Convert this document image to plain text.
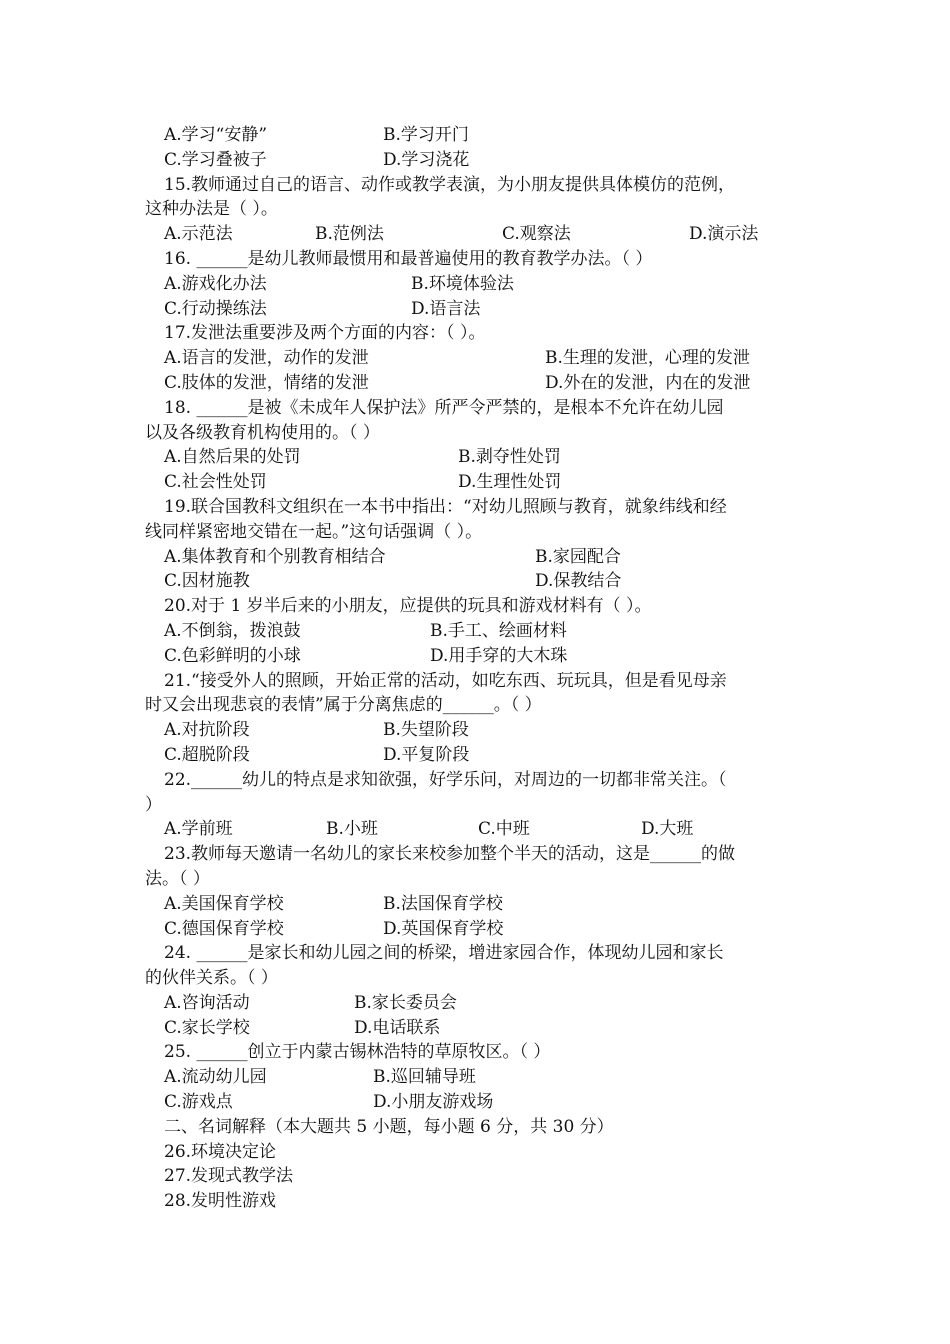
A.学习“安静”	B.学习开门
C.学习叠被子	D.学习浇花
15.教师通过自己的语言、动作或教学表演，为小朋友提供具体模仿的范例，
这种办法是（ ）。
A.示范法	B.范例法	C.观察法	D.演示法
16. ______是幼儿教师最惯用和最普遍使用的教育教学办法。（ ）
A.游戏化办法	B.环境体验法
C.行动操练法	D.语言法
17.发泄法重要涉及两个方面的内容：（ ）。
A.语言的发泄，动作的发泄	B.生理的发泄，心理的发泄
C.肢体的发泄，情绪的发泄	D.外在的发泄，内在的发泄
18. ______是被《未成年人保护法》所严令严禁的，是根本不允许在幼儿园
以及各级教育机构使用的。（ ）
A.自然后果的处罚	B.剥夺性处罚
C.社会性处罚	D.生理性处罚
19.联合国教科文组织在一本书中指出：“对幼儿照顾与教育，就象纬线和经
线同样紧密地交错在一起。”这句话强调（ ）。
A.集体教育和个别教育相结合	B.家园配合
C.因材施教	D.保教结合
20.对于 1 岁半后来的小朋友，应提供的玩具和游戏材料有（ ）。
A.不倒翁，拨浪鼓	B.手工、绘画材料
C.色彩鲜明的小球	D.用手穿的大木珠
21.“接受外人的照顾，开始正常的活动，如吃东西、玩玩具，但是看见母亲
时又会出现悲哀的表情”属于分离焦虑的______。（ ）
A.对抗阶段	B.失望阶段
C.超脱阶段	D.平复阶段
22.______幼儿的特点是求知欲强，好学乐问，对周边的一切都非常关注。（
）
A.学前班	B.小班	C.中班	D.大班
23.教师每天邀请一名幼儿的家长来校参加整个半天的活动，这是______的做
法。（ ）
A.美国保育学校	B.法国保育学校
C.德国保育学校	D.英国保育学校
24. ______是家长和幼儿园之间的桥梁，增进家园合作，体现幼儿园和家长
的伙伴关系。（ ）
A.咨询活动	B.家长委员会
C.家长学校	D.电话联系
25. ______创立于内蒙古锡林浩特的草原牧区。（ ）
A.流动幼儿园	B.巡回辅导班
C.游戏点	D.小朋友游戏场
二、名词解释（本大题共 5 小题，每小题 6 分，共 30 分）
26.环境决定论
27.发现式教学法
28.发明性游戏
